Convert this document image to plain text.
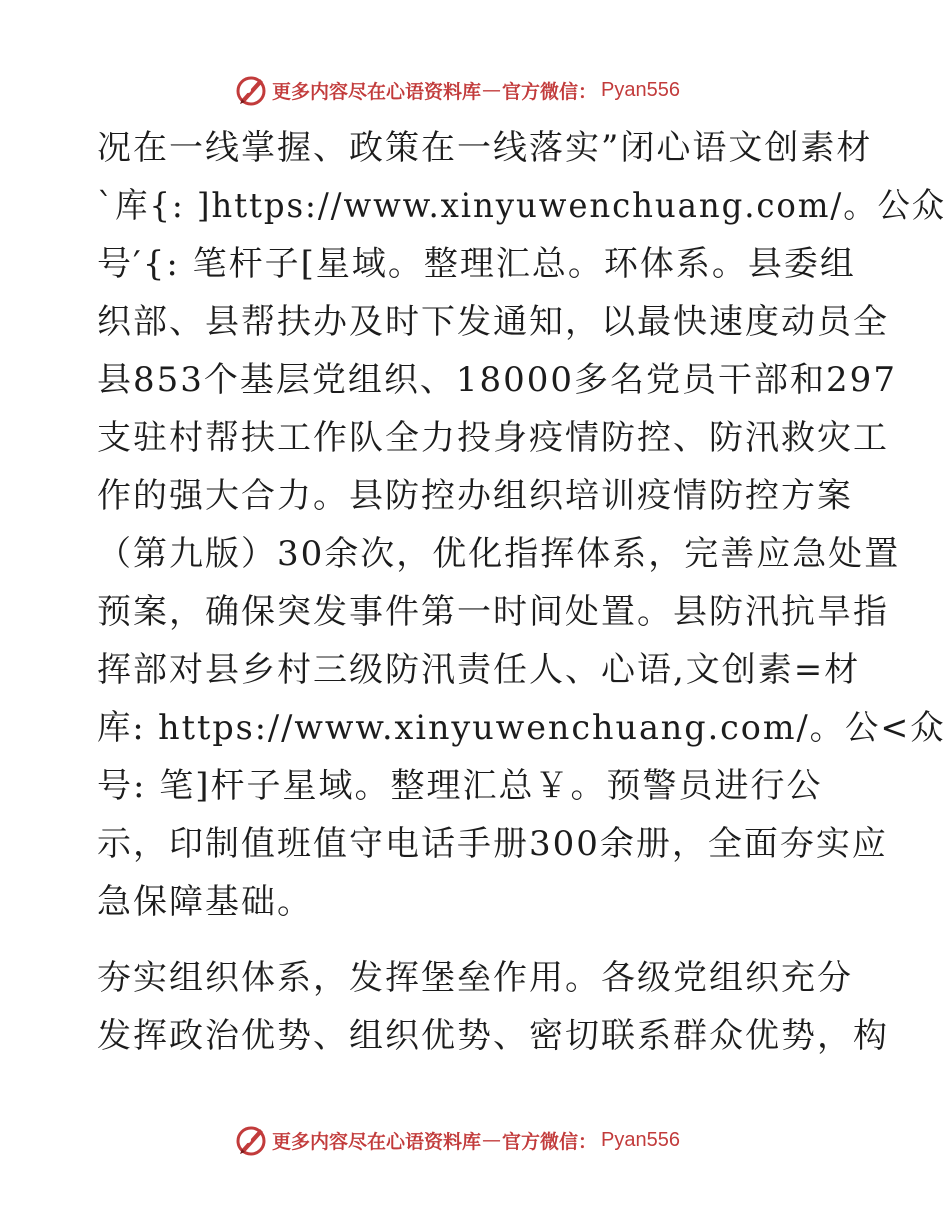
更多内容尽在心语资料库 — 官方微信： Pyan556
况在一线掌握、政策在一线落实”闭心语文创素材
`库{: ]https://www.xinyuwenchuang.com/。公众
号′{: 笔杆子[星域。整理汇总。环体系。县委组
织部、县帮扶办及时下发通知，以最快速度动员全
县853个基层党组织、18000多名党员干部和297
支驻村帮扶工作队全力投身疫情防控、防汛救灾工
作的强大合力。县防控办组织培训疫情防控方案
（第九版）30余次，优化指挥体系，完善应急处置
预案，确保突发事件第一时间处置。县防汛抗旱指
挥部对县乡村三级防汛责任人、心语,文创素=材
库: https://www.xinyuwenchuang.com/。公<众
号: 笔]杆子星域。整理汇总￥。预警员进行公
示，印制值班值守电话手册300余册，全面夯实应
急保障基础。
夯实组织体系，发挥堡垒作用。各级党组织充分
发挥政治优势、组织优势、密切联系群众优势，构
更多内容尽在心语资料库 — 官方微信： Pyan556
